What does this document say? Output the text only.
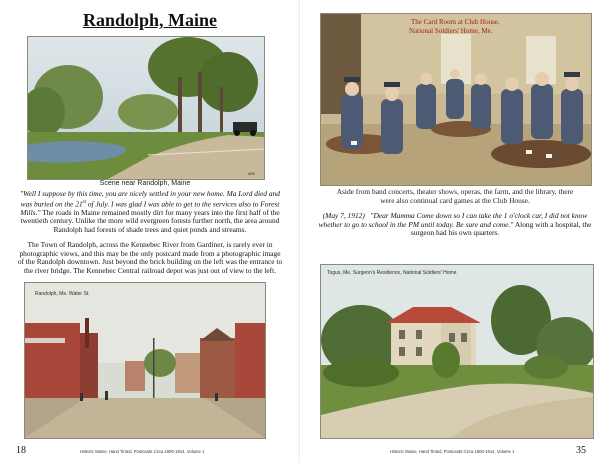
Randolph, Maine
409
Scene near Randolph, Maine

"Well I suppose by this time, you are nicely settled in your new home. Ma Lord died and was buried on the 21st of July. I was glad I was able to get to the services also to Forest Mills." The roads in Maine remained mostly dirt for many years into the first half of the twentieth century. Unlike the more wild evergreen forests further north, the area around Randolph had forests of shade trees and quiet ponds and streams.

The Town of Randolph, across the Kennebec River from Gardiner, is rarely ever in photographic views, and this may be the only postcard made from a photographic image of the Randolph downtown. Just beyond the brick building on the left was the entrance to the river bridge. The Kennebec Central railroad depot was just out of view to the left.

Randolph, Me. Water St.
18	Historic Maine, Hand Tinted, Postcards Circa 1900-1914, Volume 1
The Card Room at Club House,
National Soldiers' Home, Me.
Aside from band concerts, theater shows, operas, the farm, and the library, there were also continual card games at the Club House.

(May 7, 1912) "Dear Mamma Come down so I can take the 1 o'clock car, I did not know whether to go to school in the PM until today. Be sure and come." Along with a hospital, the surgeon had his own quarters.

Togus, Me. Surgeon's Residence, National Soldiers' Home
35
Historic Maine, Hand Tinted, Postcards Circa 1900-1914, Volume 1
